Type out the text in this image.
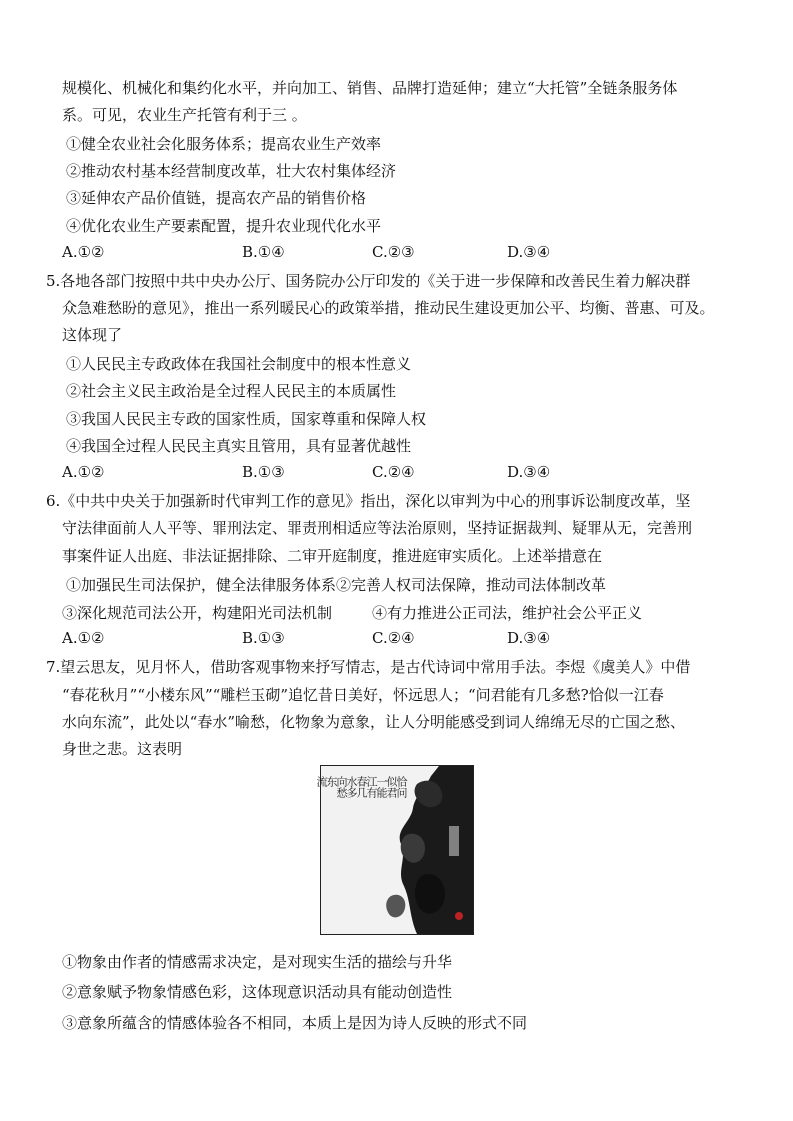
规模化、机械化和集约化水平，并向加工、销售、品牌打造延伸；建立“大托管”全链条服务体
系。可见，农业生产托管有利于三 。
①健全农业社会化服务体系；提高农业生产效率
②推动农村基本经营制度改革，壮大农村集体经济
③延伸农产品价值链，提高农产品的销售价格
④优化农业生产要素配置，提升农业现代化水平
A.①②	B.①④	C.②③	D.③④
5.各地各部门按照中共中央办公厅、国务院办公厅印发的《关于进一步保障和改善民生着力解决群
众急难愁盼的意见》，推出一系列暖民心的政策举措，推动民生建设更加公平、均衡、普惠、可及。
这体现了
①人民民主专政政体在我国社会制度中的根本性意义
②社会主义民主政治是全过程人民民主的本质属性
③我国人民民主专政的国家性质，国家尊重和保障人权
④我国全过程人民民主真实且管用，具有显著优越性
A.①②	B.①③	C.②④	D.③④
6.《中共中央关于加强新时代审判工作的意见》指出，深化以审判为中心的刑事诉讼制度改革，坚
守法律面前人人平等、罪刑法定、罪责刑相适应等法治原则，坚持证据裁判、疑罪从无，完善刑
事案件证人出庭、非法证据排除、二审开庭制度，推进庭审实质化。上述举措意在
①加强民生司法保护，健全法律服务体系②完善人权司法保障，推动司法体制改革
③深化规范司法公开，构建阳光司法机制	④有力推进公正司法，维护社会公平正义
A.①②	B.①③	C.②④	D.③④
7.望云思友，见月怀人，借助客观事物来抒写情志，是古代诗词中常用手法。李煜《虞美人》中借
“春花秋月”“小楼东风”“雕栏玉砌”追忆昔日美好，怀远思人；“问君能有几多愁?恰似一江春
水向东流”，此处以“春水”喻愁，化物象为意象，让人分明能感受到词人绵绵无尽的亡国之愁、
身世之悲。这表明
恰问
似君
一能
江有
春几
水多
向愁
东
流
①物象由作者的情感需求决定，是对现实生活的描绘与升华
②意象赋予物象情感色彩，这体现意识活动具有能动创造性
③意象所蕴含的情感体验各不相同，本质上是因为诗人反映的形式不同
